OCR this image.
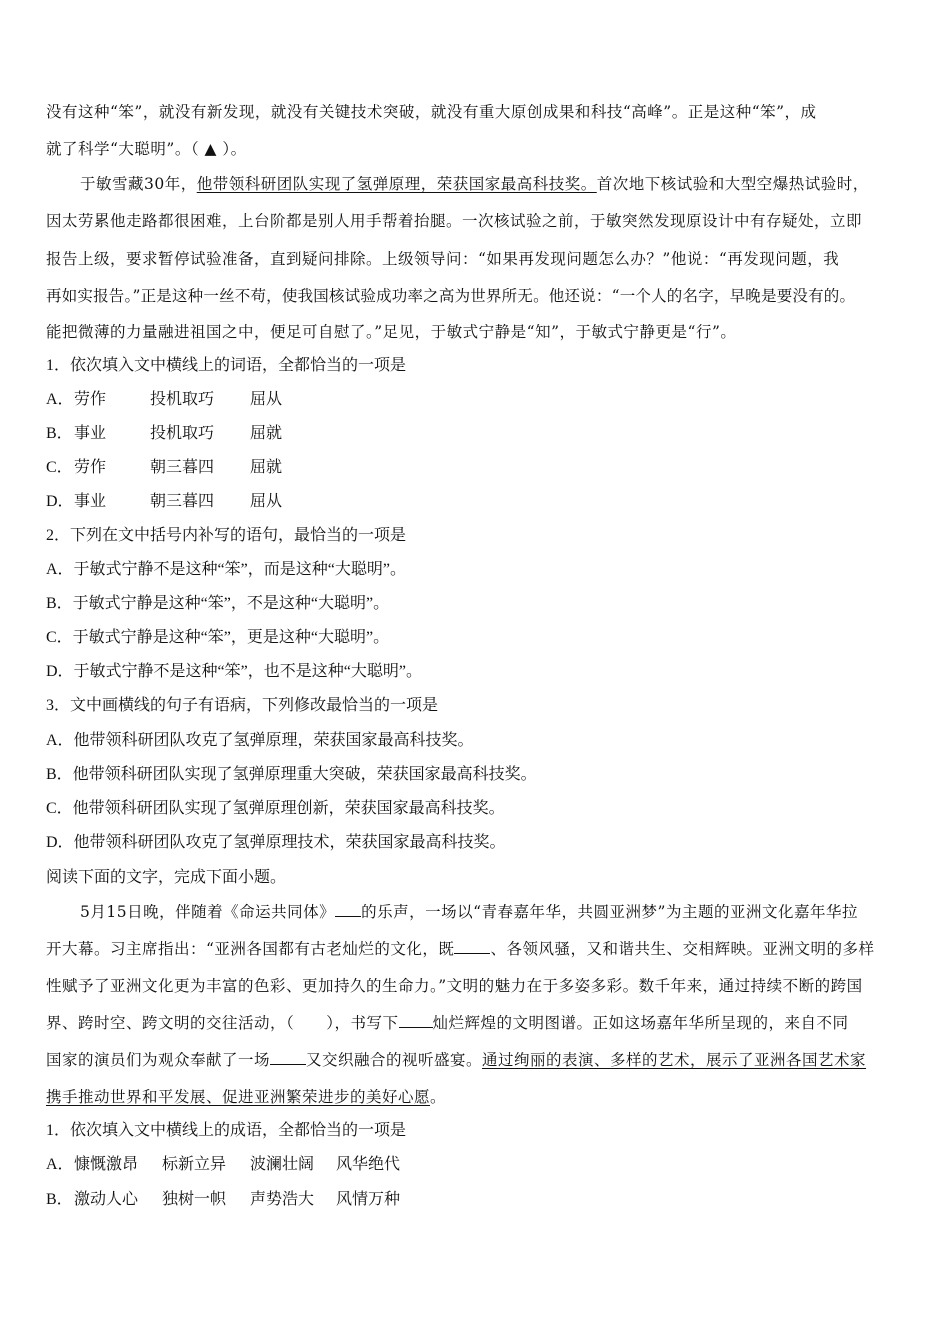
没有这种“笨”，就没有新发现，就没有关键技术突破，就没有重大原创成果和科技“高峰”。正是这种“笨”，成
就了科学“大聪明”。（ ▲ ）。
于敏雪藏30年，他带领科研团队实现了氢弹原理，荣获国家最高科技奖。首次地下核试验和大型空爆热试验时，
因太劳累他走路都很困难，上台阶都是别人用手帮着抬腿。一次核试验之前，于敏突然发现原设计中有存疑处，立即
报告上级，要求暂停试验准备，直到疑问排除。上级领导问：“如果再发现问题怎么办？”他说：“再发现问题，我
再如实报告。”正是这种一丝不苟，使我国核试验成功率之高为世界所无。他还说：“一个人的名字，早晚是要没有的。
能把微薄的力量融进祖国之中，便足可自慰了。”足见，于敏式宁静是“知”，于敏式宁静更是“行”。
1．依次填入文中横线上的词语，全都恰当的一项是
A．劳作	投机取巧 屈从
B．事业	投机取巧 屈就
C．劳作	朝三暮四 屈就
D．事业	朝三暮四 屈从
2．下列在文中括号内补写的语句，最恰当的一项是
A．于敏式宁静不是这种“笨”，而是这种“大聪明”。
B．于敏式宁静是这种“笨”，不是这种“大聪明”。
C．于敏式宁静是这种“笨”，更是这种“大聪明”。
D．于敏式宁静不是这种“笨”，也不是这种“大聪明”。
3．文中画横线的句子有语病，下列修改最恰当的一项是
A．他带领科研团队攻克了氢弹原理，荣获国家最高科技奖。
B．他带领科研团队实现了氢弹原理重大突破，荣获国家最高科技奖。
C．他带领科研团队实现了氢弹原理创新，荣获国家最高科技奖。
D．他带领科研团队攻克了氢弹原理技术，荣获国家最高科技奖。
阅读下面的文字，完成下面小题。
5月15日晚，伴随着《命运共同体》 的乐声，一场以“青春嘉年华，共圆亚洲梦”为主题的亚洲文化嘉年华拉
开大幕。习主席指出：“亚洲各国都有古老灿烂的文化，既 、各领风骚，又和谐共生、交相辉映。亚洲文明的多样
性赋予了亚洲文化更为丰富的色彩、更加持久的生命力。”文明的魅力在于多姿多彩。数千年来，通过持续不断的跨国
界、跨时空、跨文明的交往活动，（　　），书写下 灿烂辉煌的文明图谱。正如这场嘉年华所呈现的，来自不同
国家的演员们为观众奉献了一场 又交织融合的视听盛宴。通过绚丽的表演、多样的艺术，展示了亚洲各国艺术家
携手推动世界和平发展、促进亚洲繁荣进步的美好心愿。
1．依次填入文中横线上的成语，全都恰当的一项是
A．慷慨激昂 标新立异 波澜壮阔 风华绝代
B．激动人心 独树一帜 声势浩大 风情万种
